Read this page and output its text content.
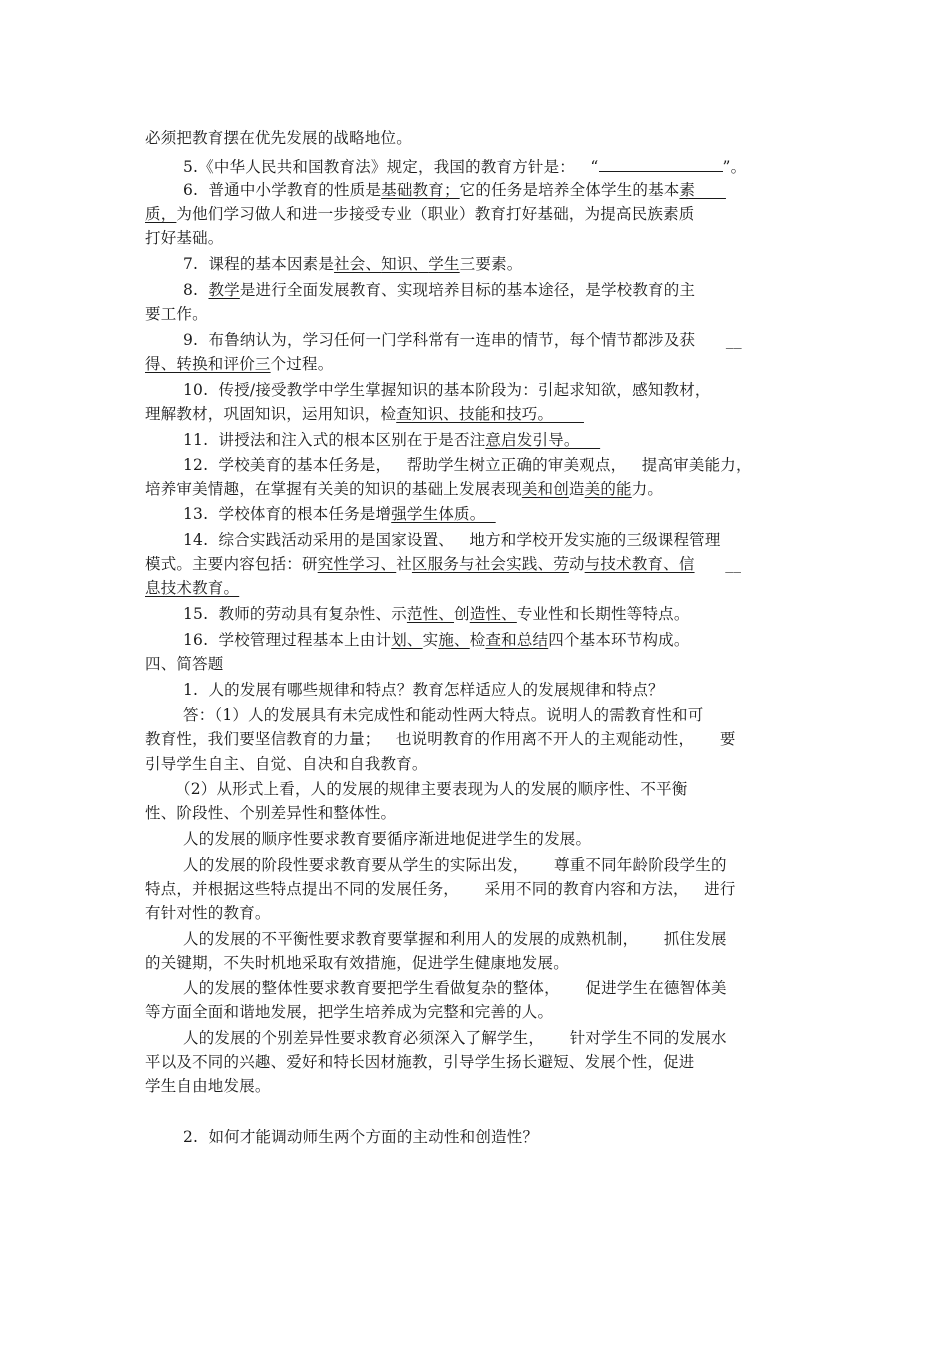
必须把教育摆在优先发展的战略地位。
5.《中华人民共和国教育法》规定，我国的教育方针是：   “	”。
6.  普通中小学教育的性质是基础教育；它的任务是培养全体学生的基本素
质，为他们学习做人和进一步接受专业（职业）教育打好基础，为提高民族素质
打好基础。
7.  课程的基本因素是社会、知识、学生三要素。
8.  教学是进行全面发展教育、实现培养目标的基本途径，是学校教育的主
要工作。
9.  布鲁纳认为，学习任何一门学科常有一连串的情节，每个情节都涉及获      __
得、转换和评价三个过程。
10.  传授/接受教学中学生掌握知识的基本阶段为：引起求知欲，感知教材，
理解教材，巩固知识，运用知识，检查知识、技能和技巧。
11.  讲授法和注入式的根本区别在于是否注意启发引导。
12.  学校美育的基本任务是，   帮助学生树立正确的审美观点，   提高审美能力，
培养审美情趣，在掌握有关美的知识的基础上发展表现美和创造美的能力。
13.  学校体育的根本任务是增强学生体质。
14.  综合实践活动采用的是国家设置、   地方和学校开发实施的三级课程管理
模式。主要内容包括：研究性学习、社区服务与社会实践、劳动与技术教育、信      __
息技术教育。
15.  教师的劳动具有复杂性、示范性、创造性、专业性和长期性等特点。
16.  学校管理过程基本上由计划、实施、检查和总结四个基本环节构成。
四、简答题
1.  人的发展有哪些规律和特点？教育怎样适应人的发展规律和特点？
答：（1）人的发展具有未完成性和能动性两大特点。说明人的需教育性和可
教育性，我们要坚信教育的力量；   也说明教育的作用离不开人的主观能动性，     要
引导学生自主、自觉、自决和自我教育。
（2）从形式上看，人的发展的规律主要表现为人的发展的顺序性、不平衡
性、阶段性、个别差异性和整体性。
人的发展的顺序性要求教育要循序渐进地促进学生的发展。
人的发展的阶段性要求教育要从学生的实际出发，     尊重不同年龄阶段学生的
特点，并根据这些特点提出不同的发展任务，     采用不同的教育内容和方法，   进行
有针对性的教育。
人的发展的不平衡性要求教育要掌握和利用人的发展的成熟机制，     抓住发展
的关键期，不失时机地采取有效措施，促进学生健康地发展。
人的发展的整体性要求教育要把学生看做复杂的整体，     促进学生在德智体美
等方面全面和谐地发展，把学生培养成为完整和完善的人。
人的发展的个别差异性要求教育必须深入了解学生，     针对学生不同的发展水
平以及不同的兴趣、爱好和特长因材施教，引导学生扬长避短、发展个性，促进
学生自由地发展。
2.  如何才能调动师生两个方面的主动性和创造性？
